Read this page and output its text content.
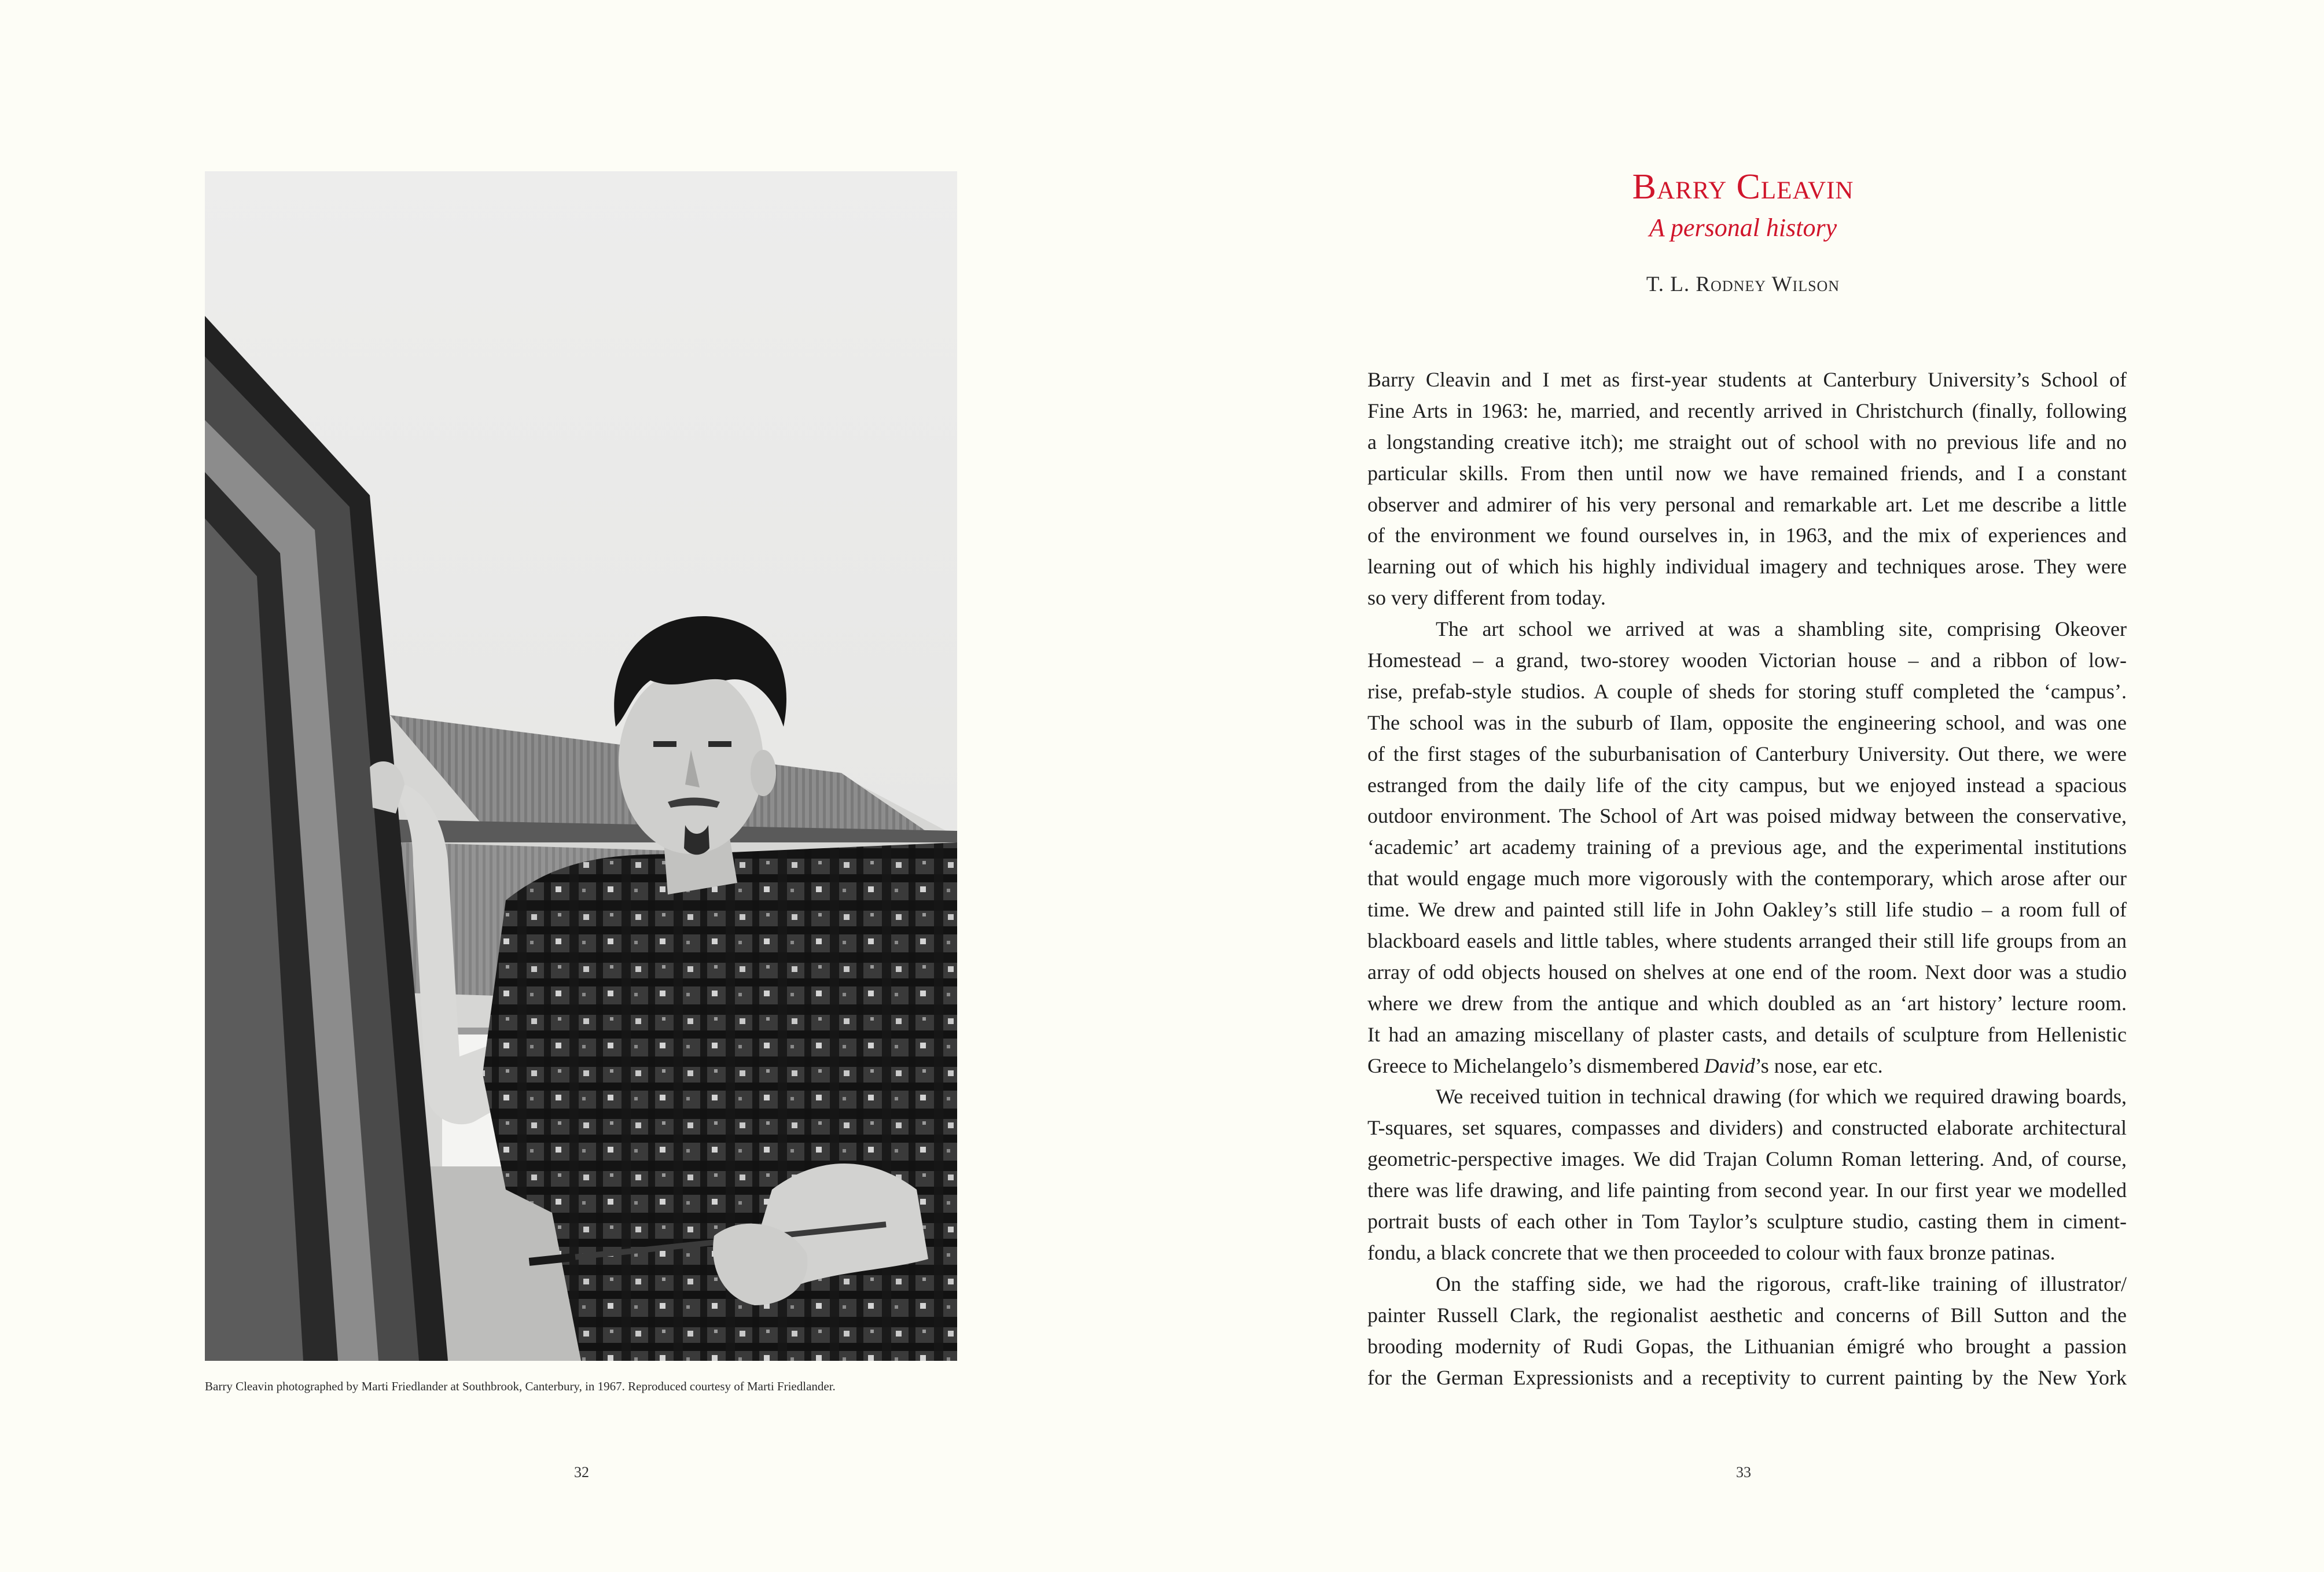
Barry Cleavin photographed by Marti Friedlander at Southbrook, Canterbury, in 1967. Reproduced courtesy of Marti Friedlander.
32
Barry Cleavin
A personal history
T. L. Rodney Wilson
Barry Cleavin and I met as first-year students at Canterbury University’s School of
Fine Arts in 1963: he, married, and recently arrived in Christchurch (finally, following
a longstanding creative itch); me straight out of school with no previous life and no
particular skills. From then until now we have remained friends, and I a constant
observer and admirer of his very personal and remarkable art. Let me describe a little
of the environment we found ourselves in, in 1963, and the mix of experiences and
learning out of which his highly individual imagery and techniques arose. They were
so very different from today.
The art school we arrived at was a shambling site, comprising Okeover
Homestead – a grand, two-storey wooden Victorian house – and a ribbon of low-
rise, prefab-style studios. A couple of sheds for storing stuff completed the ‘campus’.
The school was in the suburb of Ilam, opposite the engineering school, and was one
of the first stages of the suburbanisation of Canterbury University. Out there, we were
estranged from the daily life of the city campus, but we enjoyed instead a spacious
outdoor environment. The School of Art was poised midway between the conservative,
‘academic’ art academy training of a previous age, and the experimental institutions
that would engage much more vigorously with the contemporary, which arose after our
time. We drew and painted still life in John Oakley’s still life studio – a room full of
blackboard easels and little tables, where students arranged their still life groups from an
array of odd objects housed on shelves at one end of the room. Next door was a studio
where we drew from the antique and which doubled as an ‘art history’ lecture room.
It had an amazing miscellany of plaster casts, and details of sculpture from Hellenistic
Greece to Michelangelo’s dismembered David’s nose, ear etc.
We received tuition in technical drawing (for which we required drawing boards,
T-squares, set squares, compasses and dividers) and constructed elaborate architectural
geometric-perspective images. We did Trajan Column Roman lettering. And, of course,
there was life drawing, and life painting from second year. In our first year we modelled
portrait busts of each other in Tom Taylor’s sculpture studio, casting them in ciment-
fondu, a black concrete that we then proceeded to colour with faux bronze patinas.
On the staffing side, we had the rigorous, craft-like training of illustrator/
painter Russell Clark, the regionalist aesthetic and concerns of Bill Sutton and the
brooding modernity of Rudi Gopas, the Lithuanian émigré who brought a passion
for the German Expressionists and a receptivity to current painting by the New York
33
